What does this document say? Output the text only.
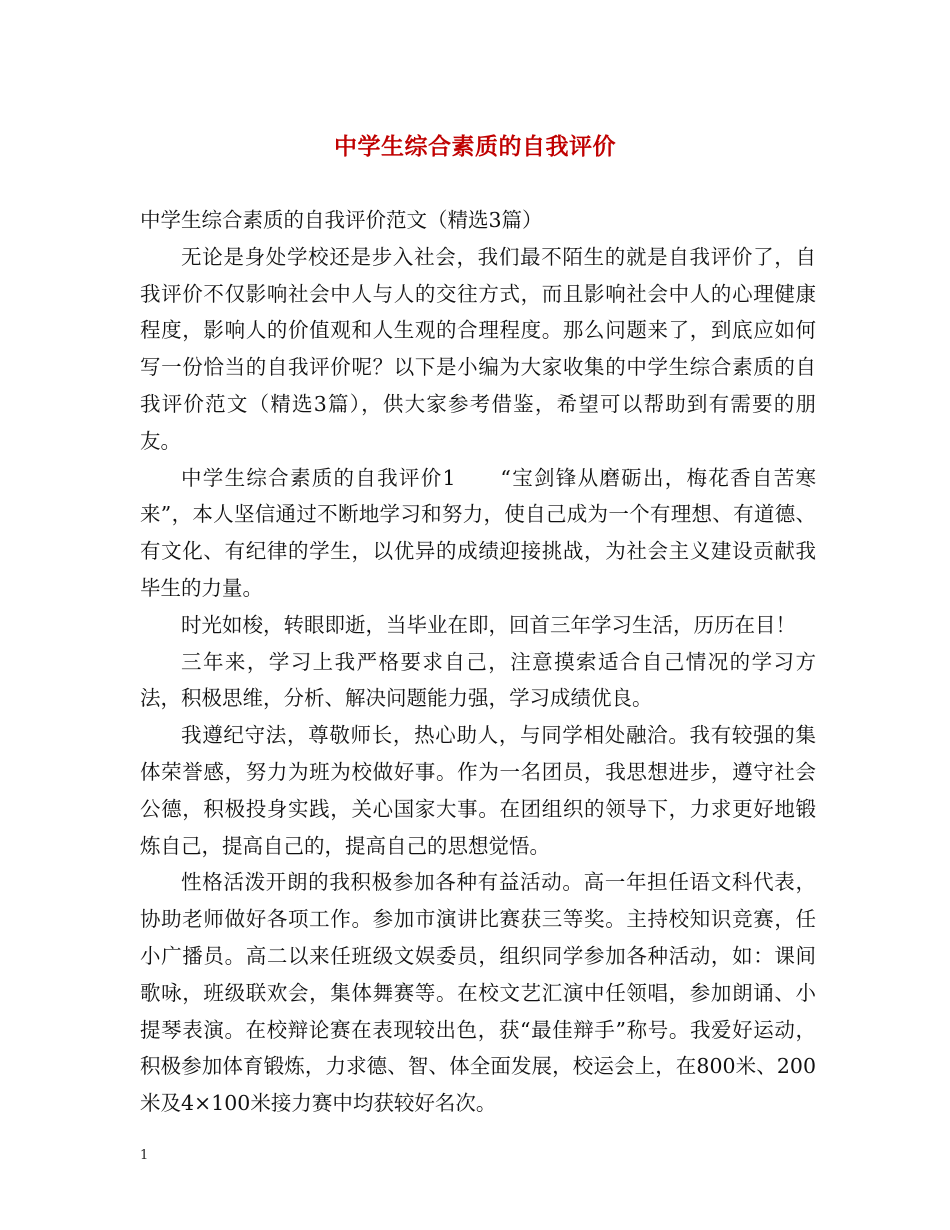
中学生综合素质的自我评价

中学生综合素质的自我评价范文（精选3篇）

无论是身处学校还是步入社会，我们最不陌生的就是自我评价了，自我评价不仅影响社会中人与人的交往方式，而且影响社会中人的心理健康程度，影响人的价值观和人生观的合理程度。那么问题来了，到底应如何写一份恰当的自我评价呢？以下是小编为大家收集的中学生综合素质的自我评价范文（精选3篇），供大家参考借鉴，希望可以帮助到有需要的朋友。

中学生综合素质的自我评价1　　“宝剑锋从磨砺出，梅花香自苦寒来”，本人坚信通过不断地学习和努力，使自己成为一个有理想、有道德、有文化、有纪律的学生，以优异的成绩迎接挑战，为社会主义建设贡献我毕生的力量。

时光如梭，转眼即逝，当毕业在即，回首三年学习生活，历历在目！

三年来，学习上我严格要求自己，注意摸索适合自己情况的学习方法，积极思维，分析、解决问题能力强，学习成绩优良。

我遵纪守法，尊敬师长，热心助人，与同学相处融洽。我有较强的集体荣誉感，努力为班为校做好事。作为一名团员，我思想进步，遵守社会公德，积极投身实践，关心国家大事。在团组织的领导下，力求更好地锻炼自己，提高自己的，提高自己的思想觉悟。

性格活泼开朗的我积极参加各种有益活动。高一年担任语文科代表，协助老师做好各项工作。参加市演讲比赛获三等奖。主持校知识竞赛，任小广播员。高二以来任班级文娱委员，组织同学参加各种活动，如：课间歌咏，班级联欢会，集体舞赛等。在校文艺汇演中任领唱，参加朗诵、小提琴表演。在校辩论赛在表现较出色，获“最佳辩手”称号。我爱好运动，积极参加体育锻炼，力求德、智、体全面发展，校运会上，在800米、200米及4×100米接力赛中均获较好名次。

1
